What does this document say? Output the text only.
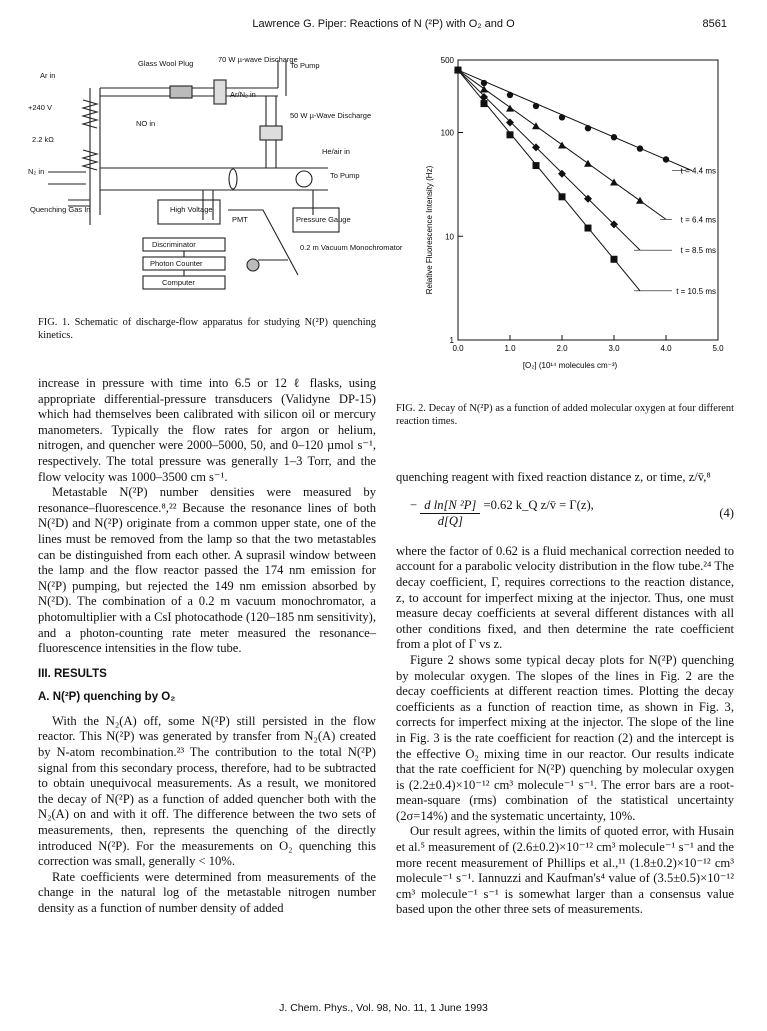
Lawrence G. Piper: Reactions of N (²P) with O₂ and O	8561
Ar in
Glass Wool Plug	70 W µ-wave Discharge
Ar/N₂ in
To Pump
+240 V
2.2 kΩ
NO in
50 W µ-Wave Discharge
He/air in
N₂ in	To Pump
Quenching Gas In	High Voltage
Pressure Gauge
PMT
Discriminator
Photon Counter
Computer
0.2 m Vacuum Monochromator
FIG. 1. Schematic of discharge-flow apparatus for studying N(²P) quenching kinetics.
Relative Fluorescence Intensity (Hz)
[O₂] (10¹⁴ molecules cm⁻³)
0.0	1.0	2.0	3.0	4.0	5.0
1
10
100
500
t = 4.4 ms
t = 6.4 ms
t = 8.5 ms
t = 10.5 ms
FIG. 2. Decay of N(²P) as a function of added molecular oxygen at four different reaction times.

increase in pressure with time into 6.5 or 12 ℓ flasks, using appropriate differential-pressure transducers (Validyne DP-15) which had themselves been calibrated with silicon oil or mercury manometers. Typically the flow rates for argon or helium, nitrogen, and quencher were 2000–5000, 50, and 0–120 µmol s⁻¹, respectively. The total pressure was generally 1–3 Torr, and the flow velocity was 1000–3500 cm s⁻¹.

Metastable N(²P) number densities were measured by resonance–fluorescence.⁸,²² Because the resonance lines of both N(²D) and N(²P) originate from a common upper state, one of the lines must be removed from the lamp so that the two metastables can be distinguished from each other. A suprasil window between the lamp and the flow reactor passed the 174 nm emission for N(²P) pumping, but rejected the 149 nm emission absorbed by N(²D). The combination of a 0.2 m vacuum monochromator, a photomultiplier with a CsI photocathode (120–185 nm sensitivity), and a photon-counting rate meter measured the resonance–fluorescence intensities in the flow tube.

III. RESULTS
A. N(²P) quenching by O₂

With the N₂(A) off, some N(²P) still persisted in the flow reactor. This N(²P) was generated by transfer from N₂(A) created by N-atom recombination.²³ The contribution to the total N(²P) signal from this secondary process, therefore, had to be subtracted to obtain unequivocal measurements. As a result, we monitored the decay of N(²P) as a function of added quencher both with the N₂(A) on and with it off. The difference between the two sets of measurements, then, represents the quenching of the directly introduced N(²P). For the measurements on O₂ quenching this correction was small, generally < 10%.

Rate coefficients were determined from measurements of the change in the natural log of the metastable nitrogen number density as a function of number density of added

quenching reagent with fixed reaction distance z, or time, z/v̄,⁸

− $\frac{\text{d ln[N ²P]}}{d[Q]} =0.62$ k_Q z/v̄ = Γ(z),
(4)

where the factor of 0.62 is a fluid mechanical correction needed to account for a parabolic velocity distribution in the flow tube.²⁴ The decay coefficient, Γ, requires corrections to the reaction distance, z, to account for imperfect mixing at the injector. Thus, one must measure decay coefficients at several different distances with all other conditions fixed, and then determine the rate coefficient from a plot of Γ vs z.

Figure 2 shows some typical decay plots for N(²P) quenching by molecular oxygen. The slopes of the lines in Fig. 2 are the decay coefficients at different reaction times. Plotting the decay coefficients as a function of reaction time, as shown in Fig. 3, corrects for imperfect mixing at the injector. The slope of the line in Fig. 3 is the rate coefficient for reaction (2) and the intercept is the effective O₂ mixing time in our reactor. Our results indicate that the rate coefficient for N(²P) quenching by molecular oxygen is (2.2±0.4)×10⁻¹² cm³ molecule⁻¹ s⁻¹. The error bars are a root-mean-square (rms) combination of the statistical uncertainty (2σ=14%) and the systematic uncertainty, 10%.

Our result agrees, within the limits of quoted error, with Husain et al.⁵ measurement of (2.6±0.2)×10⁻¹² cm³ molecule⁻¹ s⁻¹ and the more recent measurement of Phillips et al.,¹¹ (1.8±0.2)×10⁻¹² cm³ molecule⁻¹ s⁻¹. Iannuzzi and Kaufman's⁴ value of (3.5±0.5)×10⁻¹² cm³ molecule⁻¹ s⁻¹ is somewhat larger than a consensus value based upon the other three sets of measurements.

J. Chem. Phys., Vol. 98, No. 11, 1 June 1993
